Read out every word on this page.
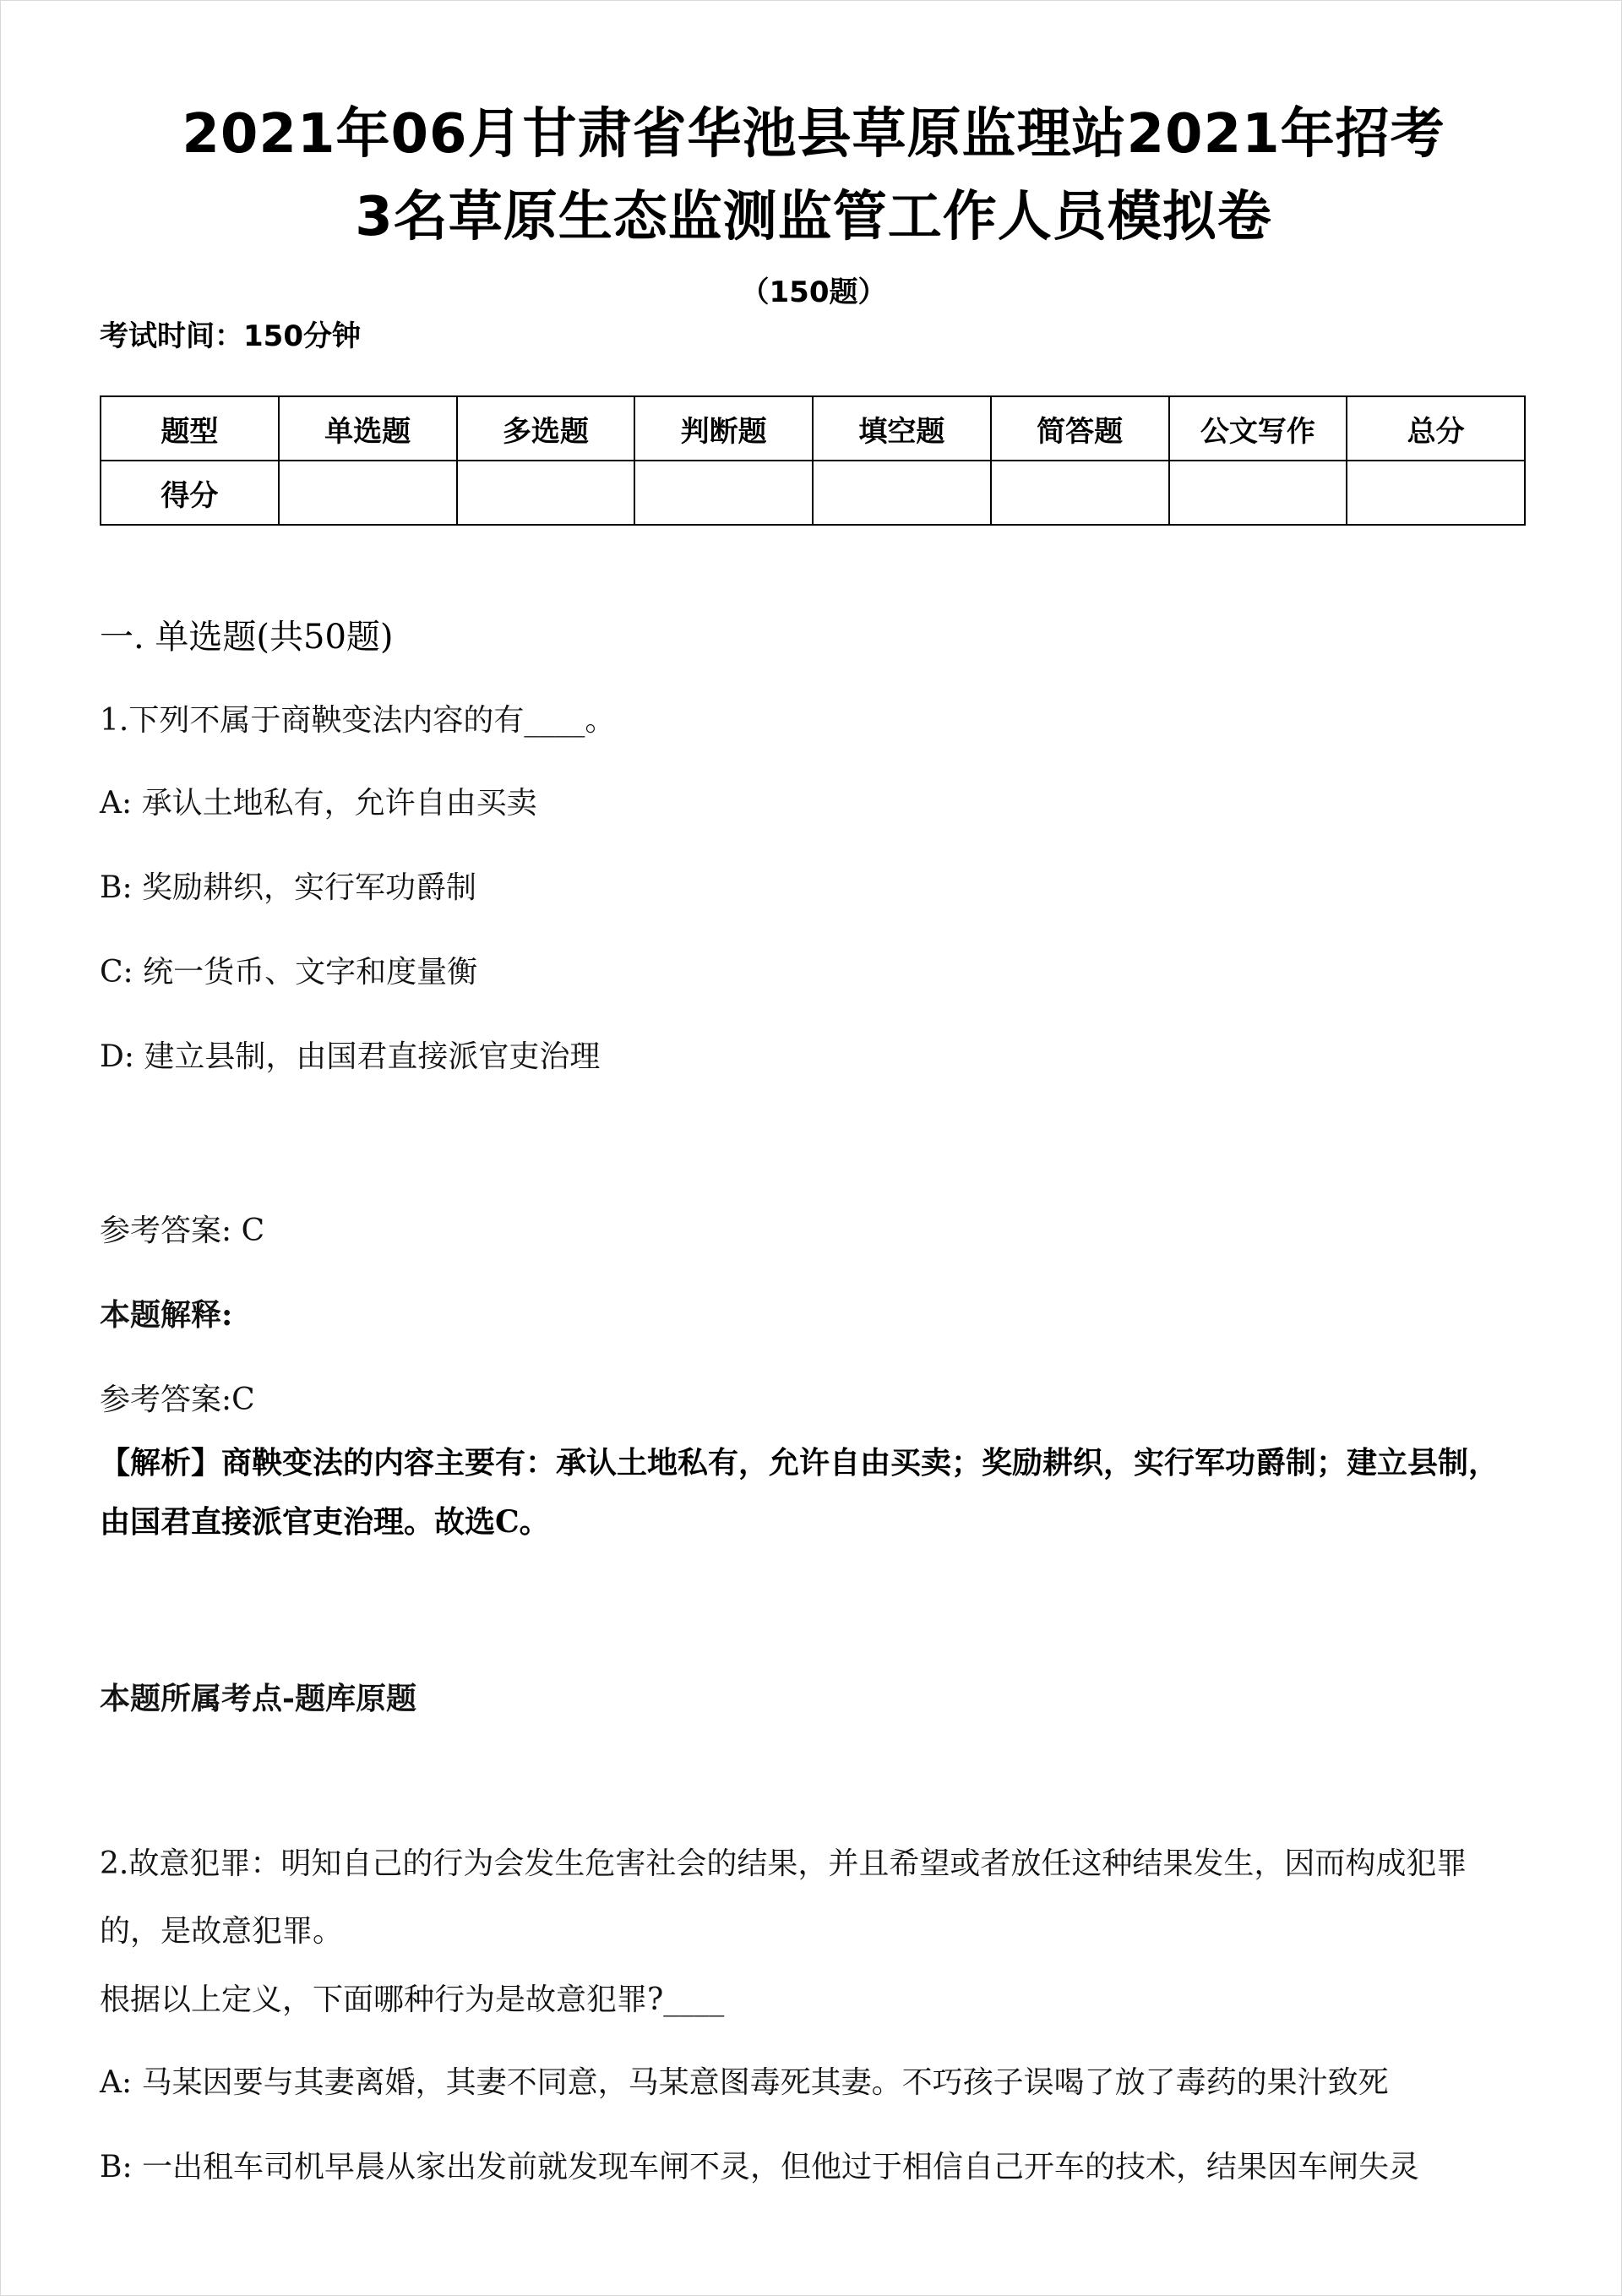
2021年06月甘肃省华池县草原监理站2021年招考
3名草原生态监测监管工作人员模拟卷
（150题）
考试时间：150分钟
题型	单选题	多选题	判断题	填空题	简答题	公文写作	总分
得分							
一. 单选题(共50题)
1.下列不属于商鞅变法内容的有____。
A: 承认土地私有，允许自由买卖
B: 奖励耕织，实行军功爵制
C: 统一货币、文字和度量衡
D: 建立县制，由国君直接派官吏治理
参考答案: C
本题解释:
参考答案:C
【解析】商鞅变法的内容主要有：承认土地私有，允许自由买卖；奖励耕织，实行军功爵制；建立县制，由国君直接派官吏治理。故选C。
本题所属考点-题库原题
2.故意犯罪：明知自己的行为会发生危害社会的结果，并且希望或者放任这种结果发生，因而构成犯罪的，是故意犯罪。
根据以上定义，下面哪种行为是故意犯罪?____
A: 马某因要与其妻离婚，其妻不同意，马某意图毒死其妻。不巧孩子误喝了放了毒药的果汁致死
B: 一出租车司机早晨从家出发前就发现车闸不灵，但他过于相信自己开车的技术，结果因车闸失灵
